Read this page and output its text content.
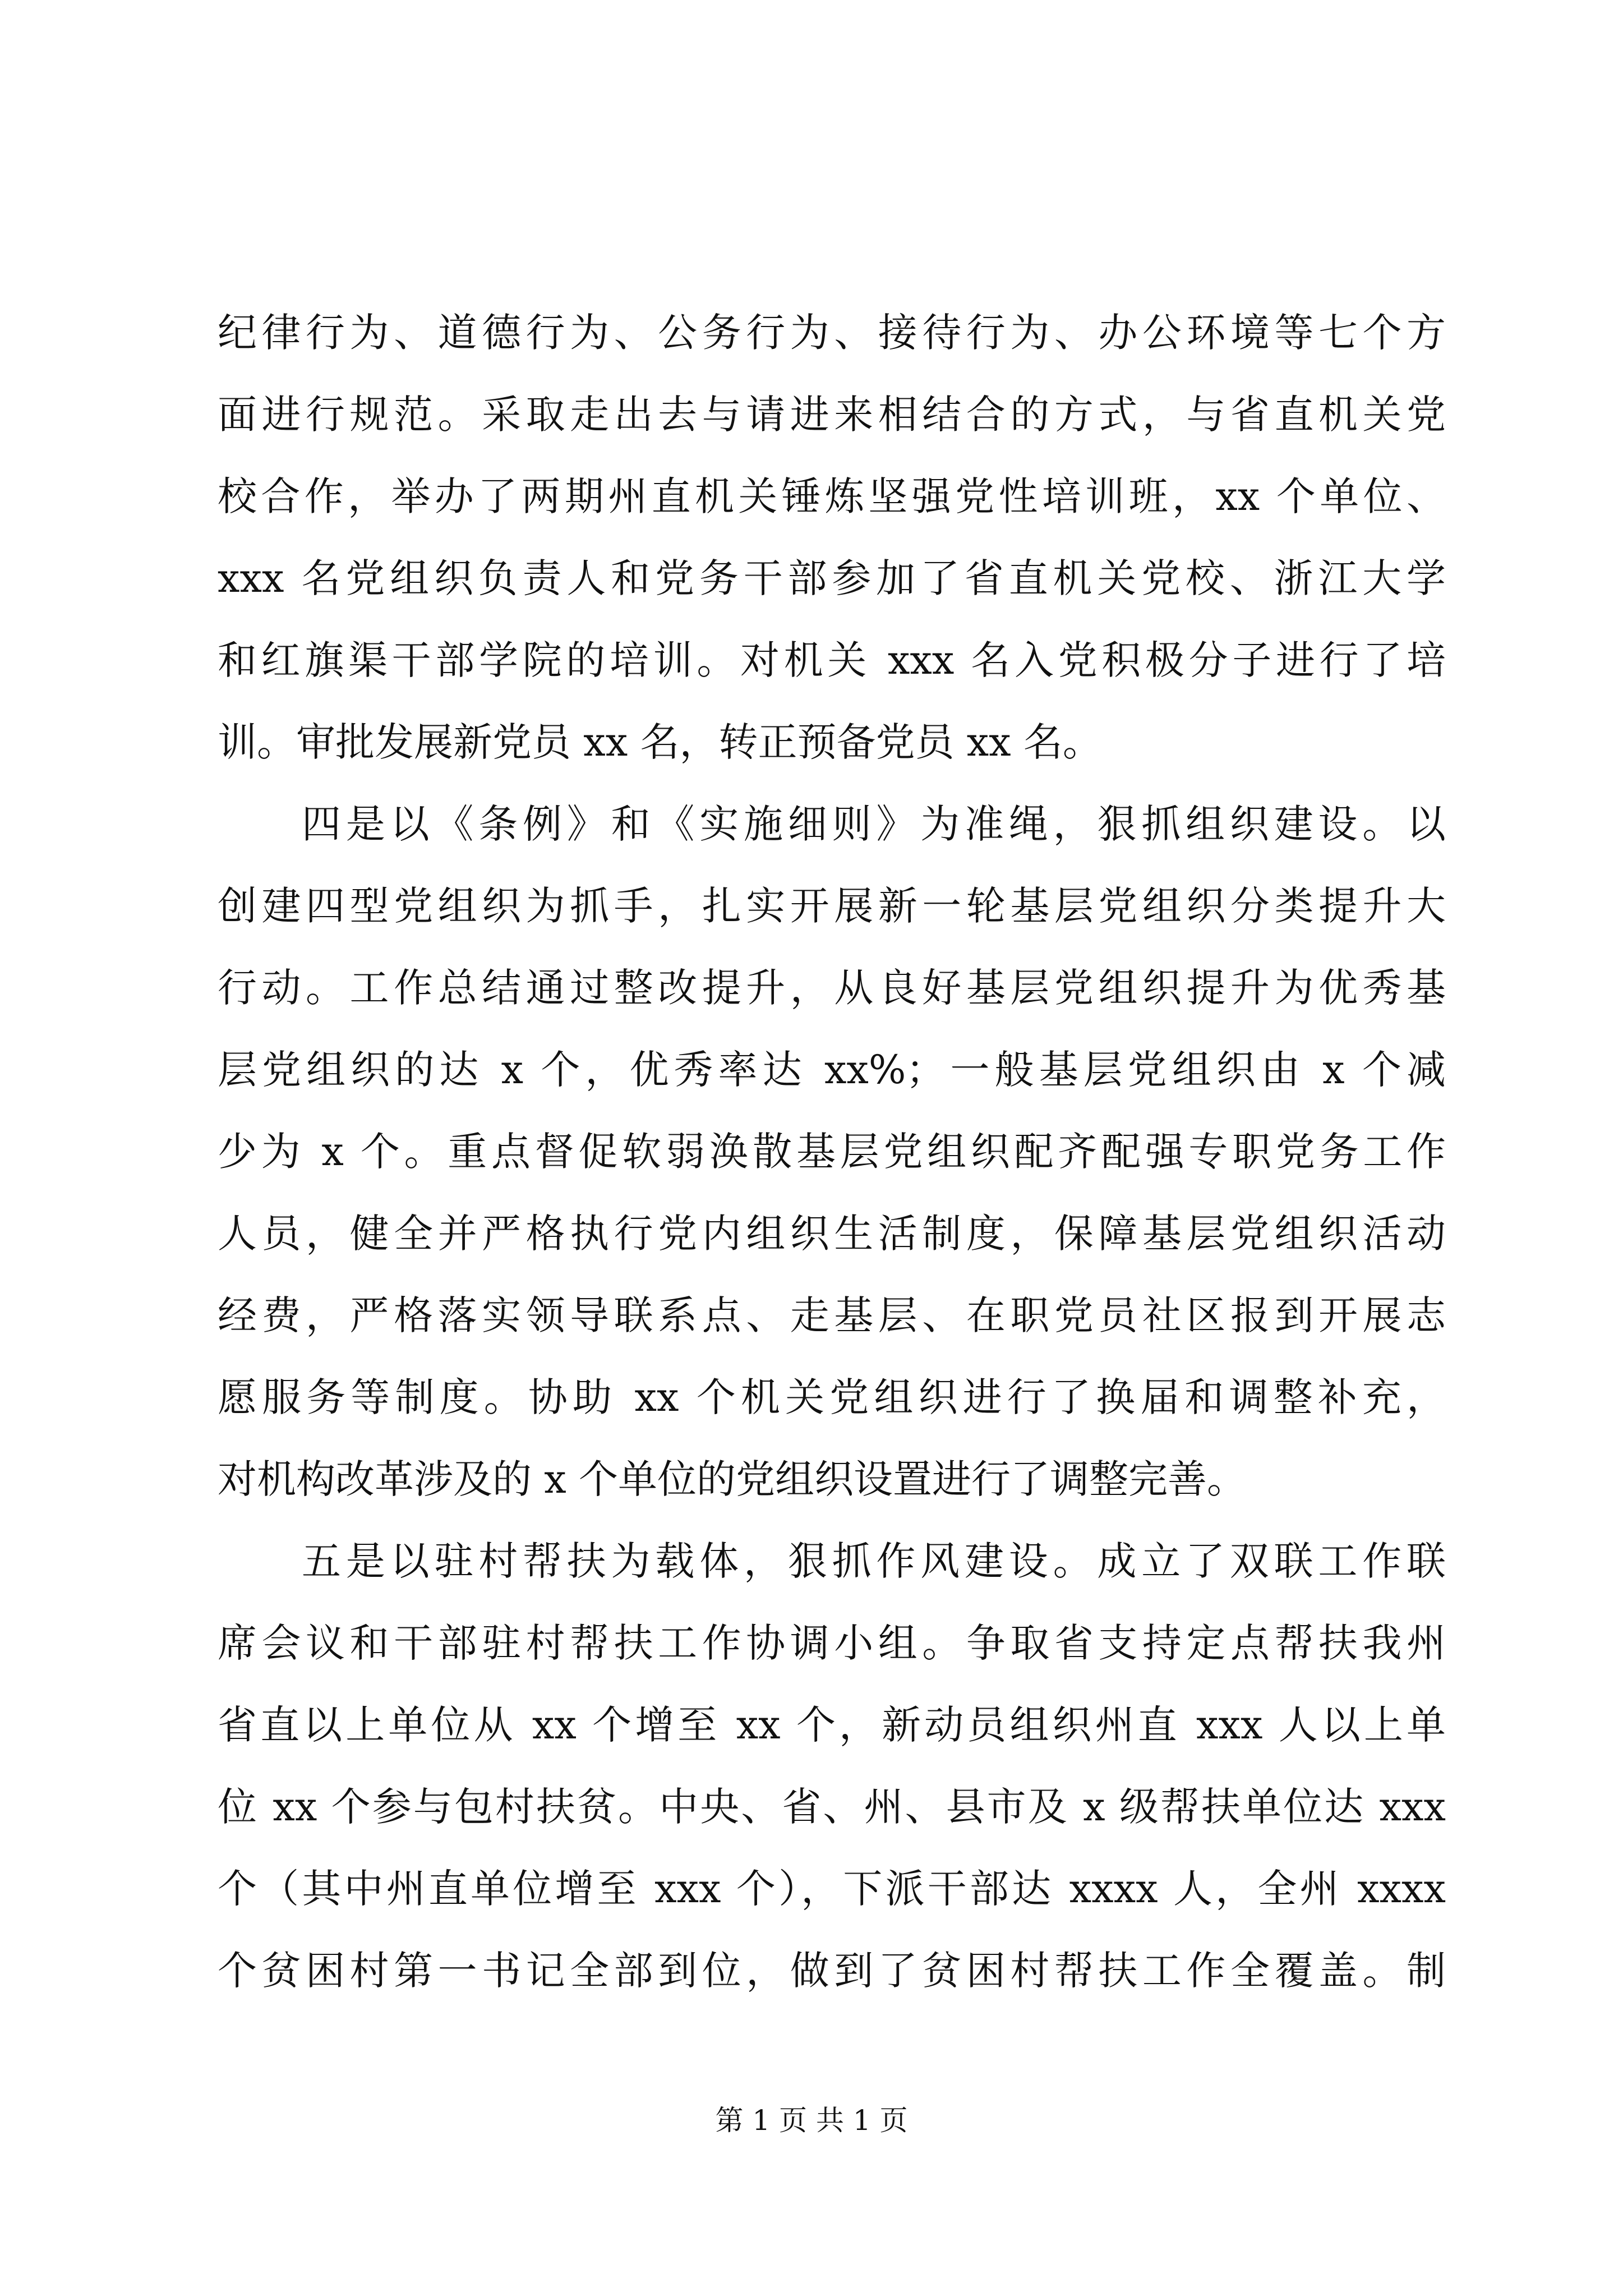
纪律行为、道德行为、公务行为、接待行为、办公环境等七个方
面进行规范。采取走出去与请进来相结合的方式，与省直机关党
校合作，举办了两期州直机关锤炼坚强党性培训班，xx 个单位、
xxx 名党组织负责人和党务干部参加了省直机关党校、浙江大学
和红旗渠干部学院的培训。对机关 xxx 名入党积极分子进行了培
训。审批发展新党员 xx 名，转正预备党员 xx 名。
四是以《条例》和《实施细则》为准绳，狠抓组织建设。以
创建四型党组织为抓手，扎实开展新一轮基层党组织分类提升大
行动。工作总结通过整改提升，从良好基层党组织提升为优秀基
层党组织的达 x 个，优秀率达 xx%；一般基层党组织由 x 个减
少为 x 个。重点督促软弱涣散基层党组织配齐配强专职党务工作
人员，健全并严格执行党内组织生活制度，保障基层党组织活动
经费，严格落实领导联系点、走基层、在职党员社区报到开展志
愿服务等制度。协助 xx 个机关党组织进行了换届和调整补充，
对机构改革涉及的 x 个单位的党组织设置进行了调整完善。
五是以驻村帮扶为载体，狠抓作风建设。成立了双联工作联
席会议和干部驻村帮扶工作协调小组。争取省支持定点帮扶我州
省直以上单位从 xx 个增至 xx 个，新动员组织州直 xxx 人以上单
位 xx 个参与包村扶贫。中央、省、州、县市及 x 级帮扶单位达 xxx
个（其中州直单位增至 xxx 个），下派干部达 xxxx 人，全州 xxxx
个贫困村第一书记全部到位，做到了贫困村帮扶工作全覆盖。制
第 1 页 共 1 页
